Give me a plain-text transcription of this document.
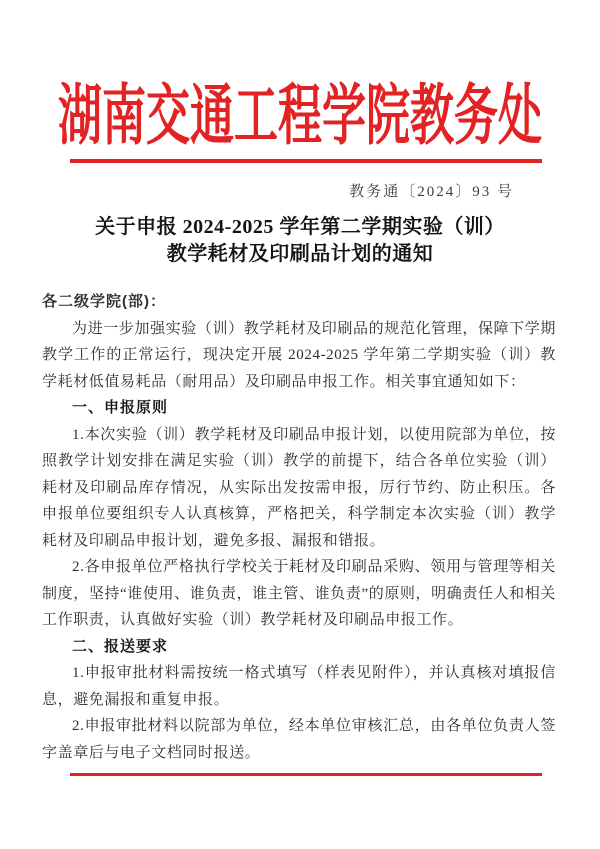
湖南交通工程学院教务处
教务通〔2024〕93 号
关于申报 2024-2025 学年第二学期实验（训）
教学耗材及印刷品计划的通知

各二级学院(部)：

为进一步加强实验（训）教学耗材及印刷品的规范化管理，保障下学期教学工作的正常运行，现决定开展 2024-2025 学年第二学期实验（训）教学耗材低值易耗品（耐用品）及印刷品申报工作。相关事宜通知如下：

一、申报原则

1.本次实验（训）教学耗材及印刷品申报计划，以使用院部为单位，按照教学计划安排在满足实验（训）教学的前提下，结合各单位实验（训）耗材及印刷品库存情况，从实际出发按需申报，厉行节约、防止积压。各申报单位要组织专人认真核算，严格把关，科学制定本次实验（训）教学耗材及印刷品申报计划，避免多报、漏报和错报。

2.各申报单位严格执行学校关于耗材及印刷品采购、领用与管理等相关制度，坚持“谁使用、谁负责，谁主管、谁负责”的原则，明确责任人和相关工作职责，认真做好实验（训）教学耗材及印刷品申报工作。

二、报送要求

1.申报审批材料需按统一格式填写（样表见附件），并认真核对填报信息，避免漏报和重复申报。

2.申报审批材料以院部为单位，经本单位审核汇总，由各单位负责人签字盖章后与电子文档同时报送。
